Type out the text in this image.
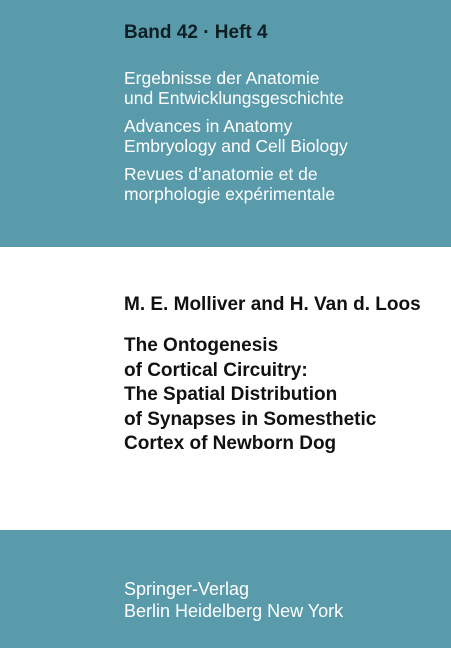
Band 42 · Heft 4
Ergebnisse der Anatomie
und Entwicklungsgeschichte
Advances in Anatomy
Embryology and Cell Biology
Revues d’anatomie et de
morphologie expérimentale
M. E. Molliver and H. Van d. Loos
The Ontogenesis
of Cortical Circuitry:
The Spatial Distribution
of Synapses in Somesthetic
Cortex of Newborn Dog
Springer-Verlag
Berlin Heidelberg New York
